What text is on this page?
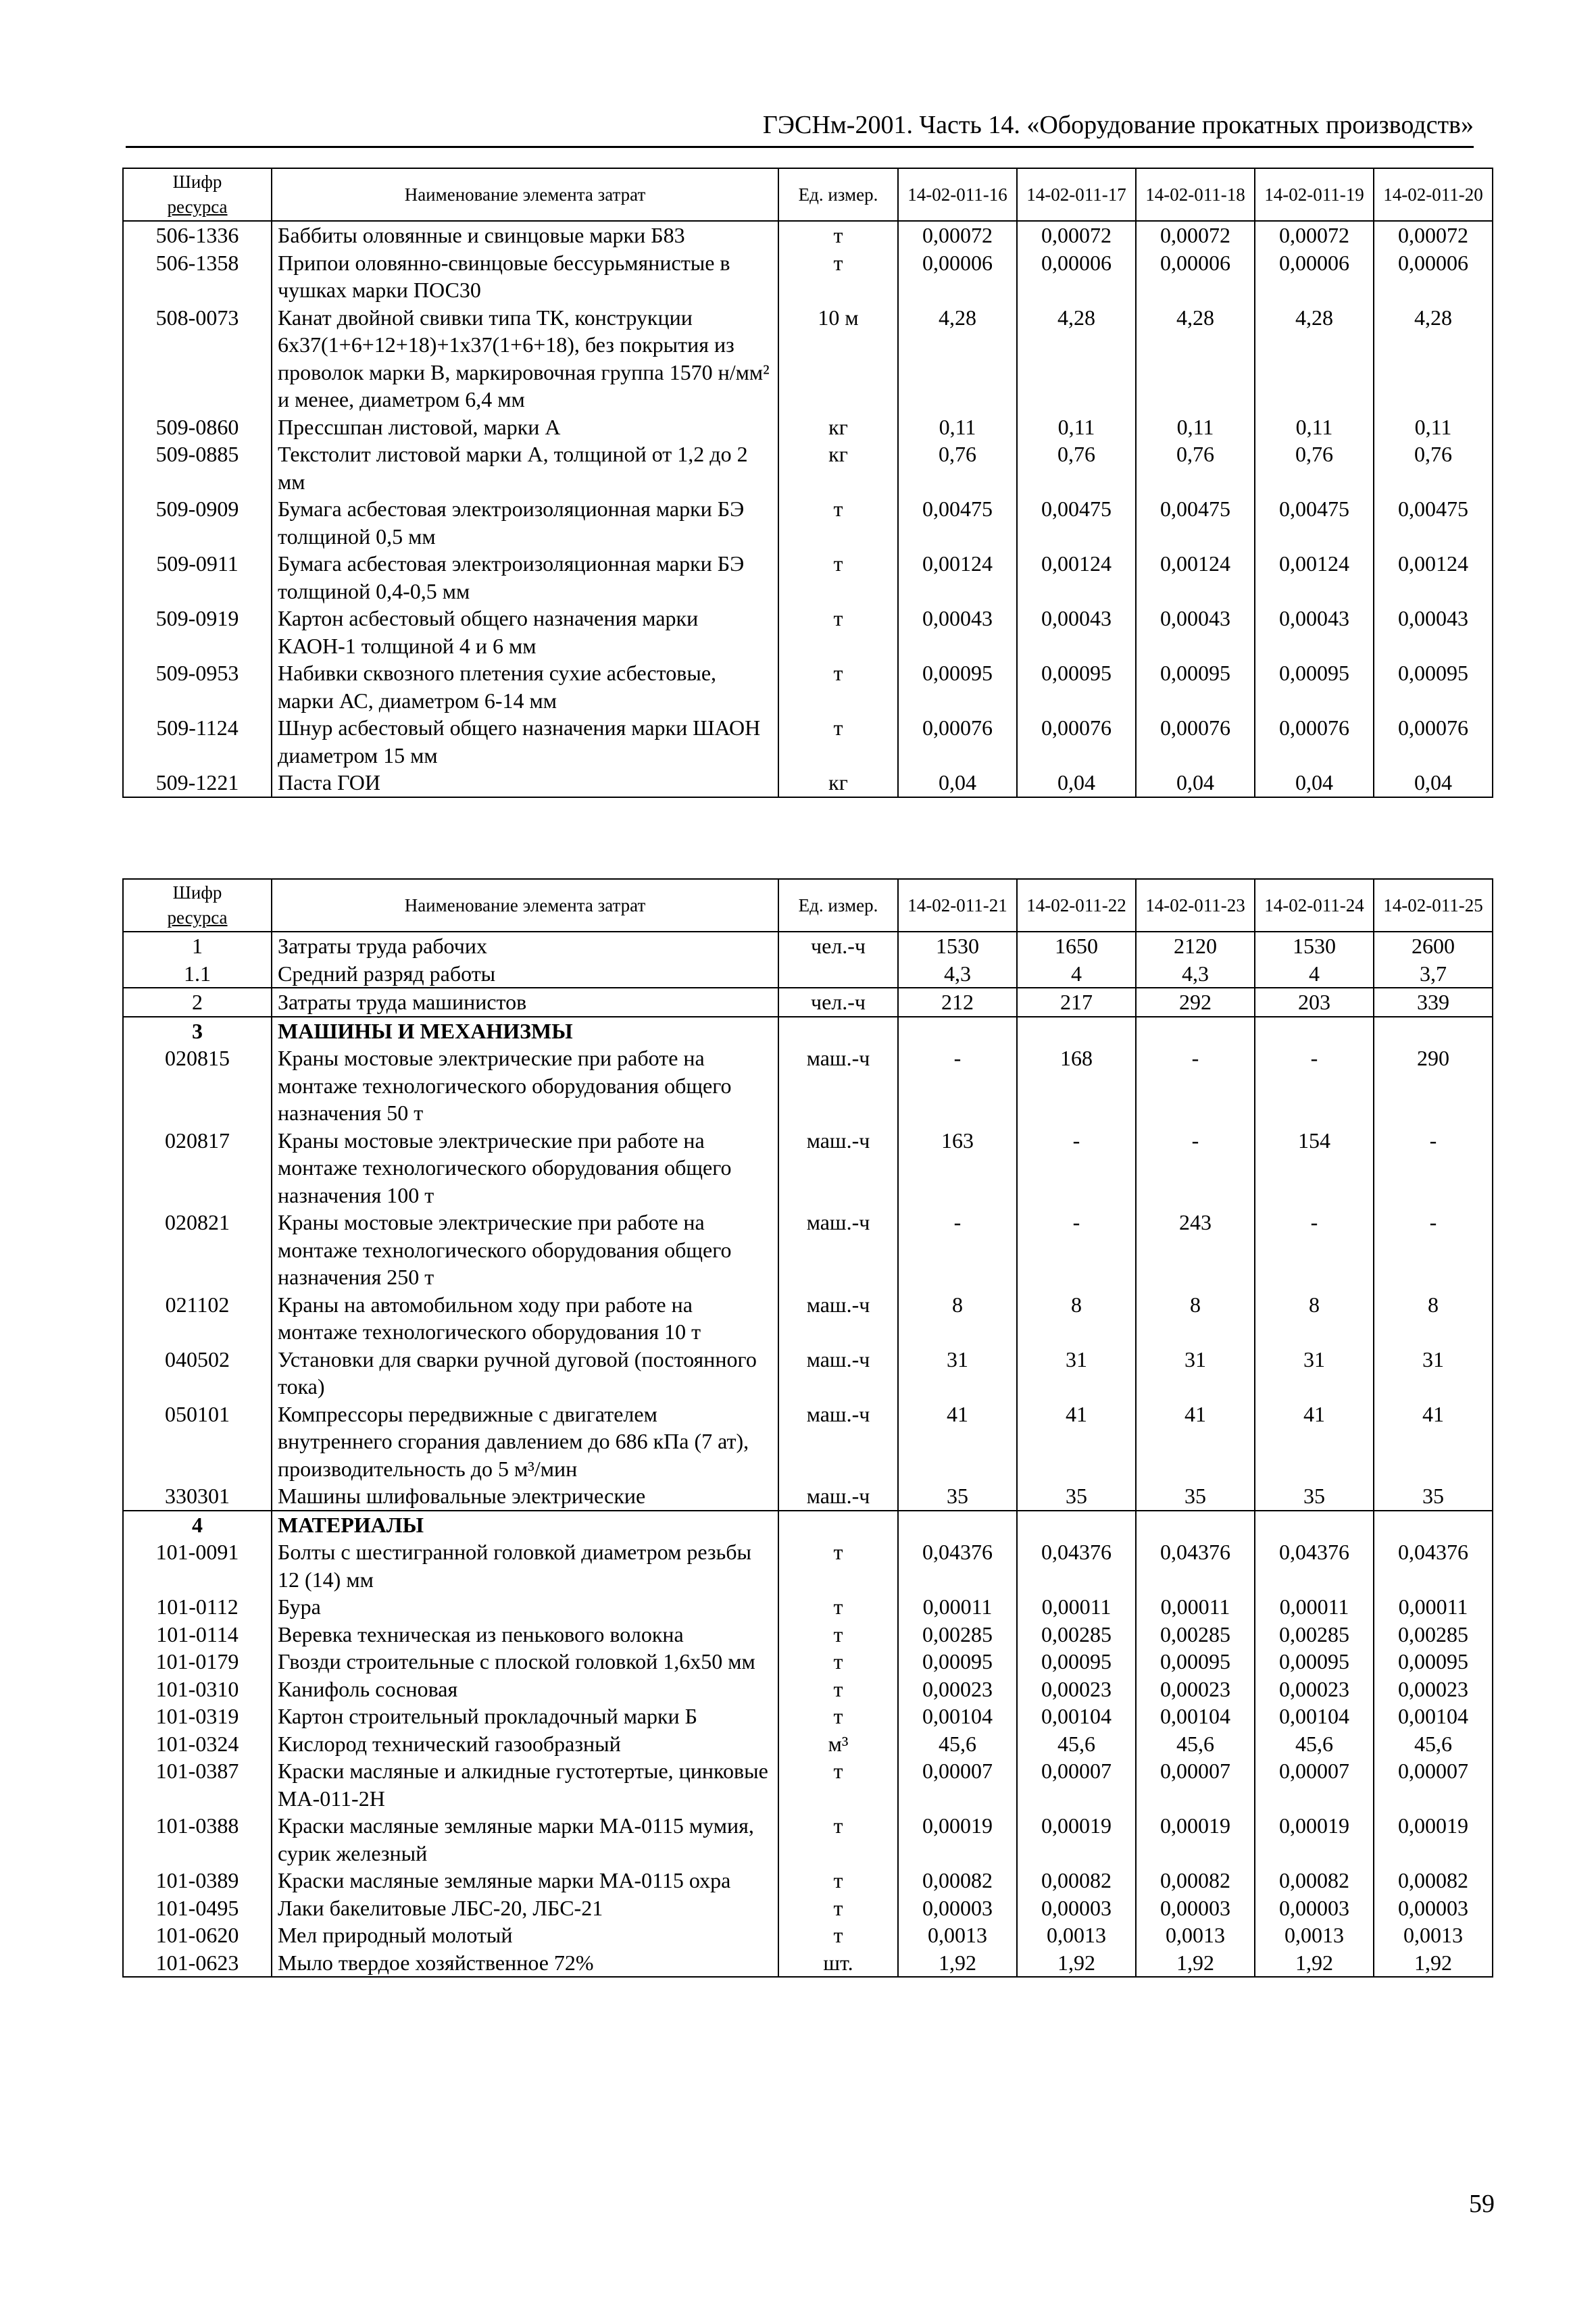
ГЭСНм-2001. Часть 14. «Оборудование прокатных производств»
Шифр
ресурса	Наименование элемента затрат	Ед. измер.	14-02-011-16	14-02-011-17	14-02-011-18	14-02-011-19	14-02-011-20
506-1336	Баббиты оловянные и свинцовые марки Б83	т	0,00072	0,00072	0,00072	0,00072	0,00072
506-1358	Припои оловянно-свинцовые бессурьмянистые в чушках марки ПОС30	т	0,00006	0,00006	0,00006	0,00006	0,00006
508-0073	Канат двойной свивки типа ТК, конструкции 6x37(1+6+12+18)+1x37(1+6+18), без покрытия из проволок марки В, маркировочная группа 1570 н/мм² и менее, диаметром 6,4 мм	10 м	4,28	4,28	4,28	4,28	4,28
509-0860	Прессшпан листовой, марки А	кг	0,11	0,11	0,11	0,11	0,11
509-0885	Текстолит листовой марки А, толщиной от 1,2 до 2 мм	кг	0,76	0,76	0,76	0,76	0,76
509-0909	Бумага асбестовая электроизоляционная марки БЭ толщиной 0,5 мм	т	0,00475	0,00475	0,00475	0,00475	0,00475
509-0911	Бумага асбестовая электроизоляционная марки БЭ толщиной 0,4-0,5 мм	т	0,00124	0,00124	0,00124	0,00124	0,00124
509-0919	Картон асбестовый общего назначения марки КАОН-1 толщиной 4 и 6 мм	т	0,00043	0,00043	0,00043	0,00043	0,00043
509-0953	Набивки сквозного плетения сухие асбестовые, марки АС, диаметром 6-14 мм	т	0,00095	0,00095	0,00095	0,00095	0,00095
509-1124	Шнур асбестовый общего назначения марки ШАОН диаметром 15 мм	т	0,00076	0,00076	0,00076	0,00076	0,00076
509-1221	Паста ГОИ	кг	0,04	0,04	0,04	0,04	0,04
Шифр
ресурса	Наименование элемента затрат	Ед. измер.	14-02-011-21	14-02-011-22	14-02-011-23	14-02-011-24	14-02-011-25
1	Затраты труда рабочих	чел.-ч	1530	1650	2120	1530	2600
1.1	Средний разряд работы		4,3	4	4,3	4	3,7
2	Затраты труда машинистов	чел.-ч	212	217	292	203	339
3	МАШИНЫ И МЕХАНИЗМЫ						
020815	Краны мостовые электрические при работе на монтаже технологического оборудования общего назначения 50 т	маш.-ч	-	168	-	-	290
020817	Краны мостовые электрические при работе на монтаже технологического оборудования общего назначения 100 т	маш.-ч	163	-	-	154	-
020821	Краны мостовые электрические при работе на монтаже технологического оборудования общего назначения 250 т	маш.-ч	-	-	243	-	-
021102	Краны на автомобильном ходу при работе на монтаже технологического оборудования 10 т	маш.-ч	8	8	8	8	8
040502	Установки для сварки ручной дуговой (постоянного тока)	маш.-ч	31	31	31	31	31
050101	Компрессоры передвижные с двигателем внутреннего сгорания давлением до 686 кПа (7 ат), производительность до 5 м³/мин	маш.-ч	41	41	41	41	41
330301	Машины шлифовальные электрические	маш.-ч	35	35	35	35	35
4	МАТЕРИАЛЫ						
101-0091	Болты с шестигранной головкой диаметром резьбы 12 (14) мм	т	0,04376	0,04376	0,04376	0,04376	0,04376
101-0112	Бура	т	0,00011	0,00011	0,00011	0,00011	0,00011
101-0114	Веревка техническая из пенькового волокна	т	0,00285	0,00285	0,00285	0,00285	0,00285
101-0179	Гвозди строительные с плоской головкой 1,6x50 мм	т	0,00095	0,00095	0,00095	0,00095	0,00095
101-0310	Канифоль сосновая	т	0,00023	0,00023	0,00023	0,00023	0,00023
101-0319	Картон строительный прокладочный марки Б	т	0,00104	0,00104	0,00104	0,00104	0,00104
101-0324	Кислород технический газообразный	м³	45,6	45,6	45,6	45,6	45,6
101-0387	Краски масляные и алкидные густотертые, цинковые МА-011-2Н	т	0,00007	0,00007	0,00007	0,00007	0,00007
101-0388	Краски масляные земляные марки МА-0115 мумия, сурик железный	т	0,00019	0,00019	0,00019	0,00019	0,00019
101-0389	Краски масляные земляные марки МА-0115 охра	т	0,00082	0,00082	0,00082	0,00082	0,00082
101-0495	Лаки бакелитовые ЛБС-20, ЛБС-21	т	0,00003	0,00003	0,00003	0,00003	0,00003
101-0620	Мел природный молотый	т	0,0013	0,0013	0,0013	0,0013	0,0013
101-0623	Мыло твердое хозяйственное 72%	шт.	1,92	1,92	1,92	1,92	1,92
59
